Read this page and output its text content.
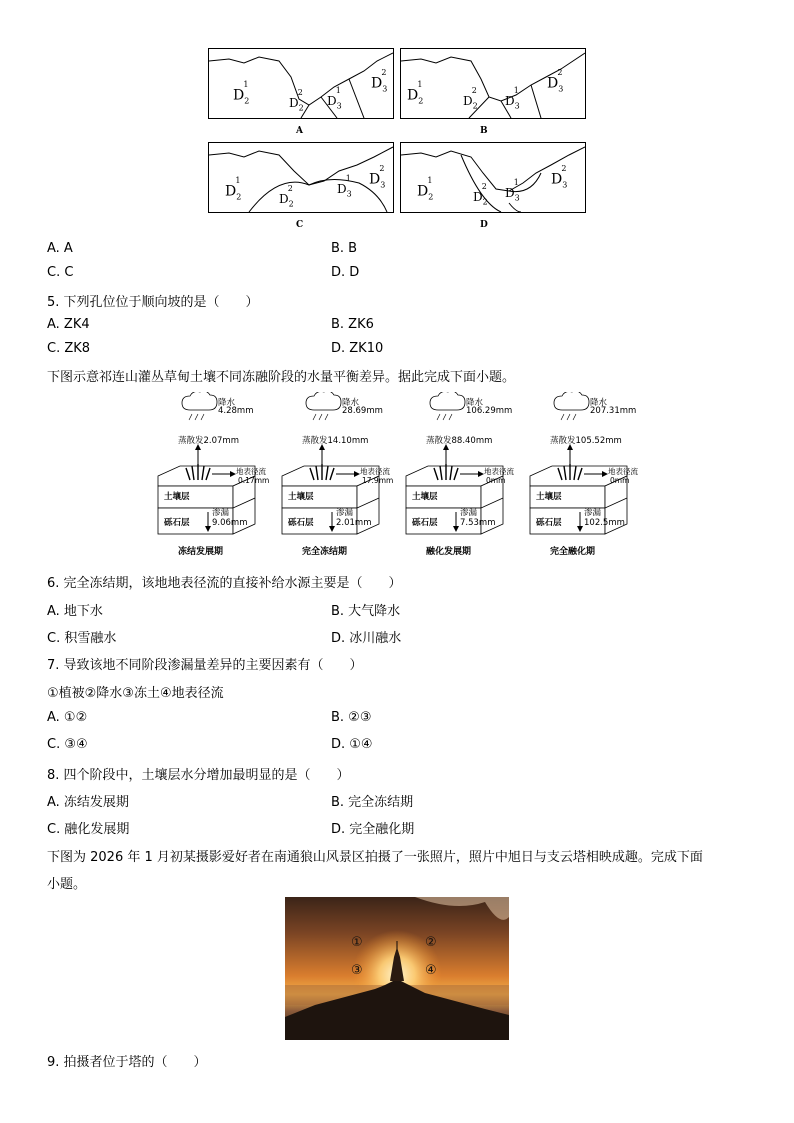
$D_2^1$
$D_2^2$
$D_3^1$	$D_3^2$
A
$D_2^1$
$D_2^2$
$D_3^1$	$D_3^2$
B
$D_2^1$
$D_2^2$	$D_3^1$	$D_3^2$
C
$D_2^1$
$D_2^2$	$D_3^1$	$D_3^2$
D
A. A	B. B
C. C	D. D
5. 下列孔位位于顺向坡的是（　　）
A. ZK4	B. ZK6
C. ZK8	D. ZK10
下图示意祁连山灌丛草甸土壤不同冻融阶段的水量平衡差异。据此完成下面小题。
降水
4.28mm
蒸散发2.07mm
地表径流
0.17mm
土壤层
渗漏
9.06mm
砾石层
冻结发展期
降水
28.69mm
蒸散发14.10mm
地表径流
17.9mm
土壤层
渗漏
2.01mm
砾石层
完全冻结期
降水
106.29mm
蒸散发88.40mm
地表径流
0mm
土壤层
渗漏
7.53mm
砾石层
融化发展期
降水
207.31mm
蒸散发105.52mm
地表径流
0mm
土壤层
渗漏
102.5mm
砾石层
完全融化期
6. 完全冻结期，该地地表径流的直接补给水源主要是（　　）
A. 地下水	B. 大气降水
C. 积雪融水	D. 冰川融水
7. 导致该地不同阶段渗漏量差异的主要因素有（　　）
①植被②降水③冻土④地表径流
A. ①②	B. ②③
C. ③④	D. ①④
8. 四个阶段中，土壤层水分增加最明显的是（　　）
A. 冻结发展期	B. 完全冻结期
C. 融化发展期	D. 完全融化期
下图为 2026 年 1 月初某摄影爱好者在南通狼山风景区拍摄了一张照片，照片中旭日与支云塔相映成趣。完成下面
小题。
①	②
③	④
9. 拍摄者位于塔的（　　）
